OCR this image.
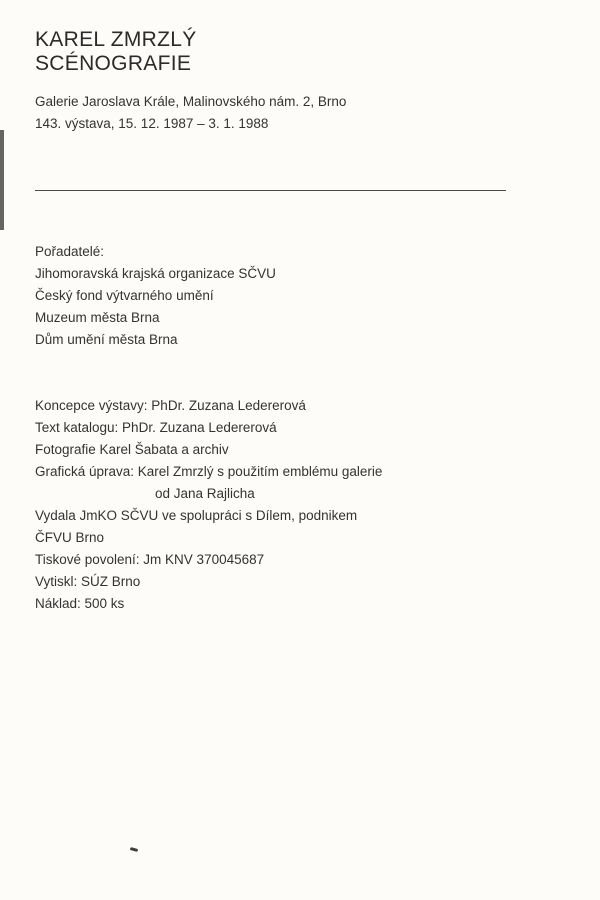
KAREL ZMRZLÝ
SCÉNOGRAFIE
Galerie Jaroslava Krále, Malinovského nám. 2, Brno
143. výstava, 15. 12. 1987 – 3. 1. 1988
Pořadatelé:
Jihomoravská krajská organizace SČVU
Český fond výtvarného umění
Muzeum města Brna
Dům umění města Brna
Koncepce výstavy: PhDr. Zuzana Ledererová
Text katalogu: PhDr. Zuzana Ledererová
Fotografie Karel Šabata a archiv
Grafická úprava: Karel Zmrzlý s použitím emblému galerie
od Jana Rajlicha
Vydala JmKO SČVU ve spolupráci s Dílem, podnikem
ČFVU Brno
Tiskové povolení: Jm KNV 370045687
Vytiskl: SÚZ Brno
Náklad: 500 ks
